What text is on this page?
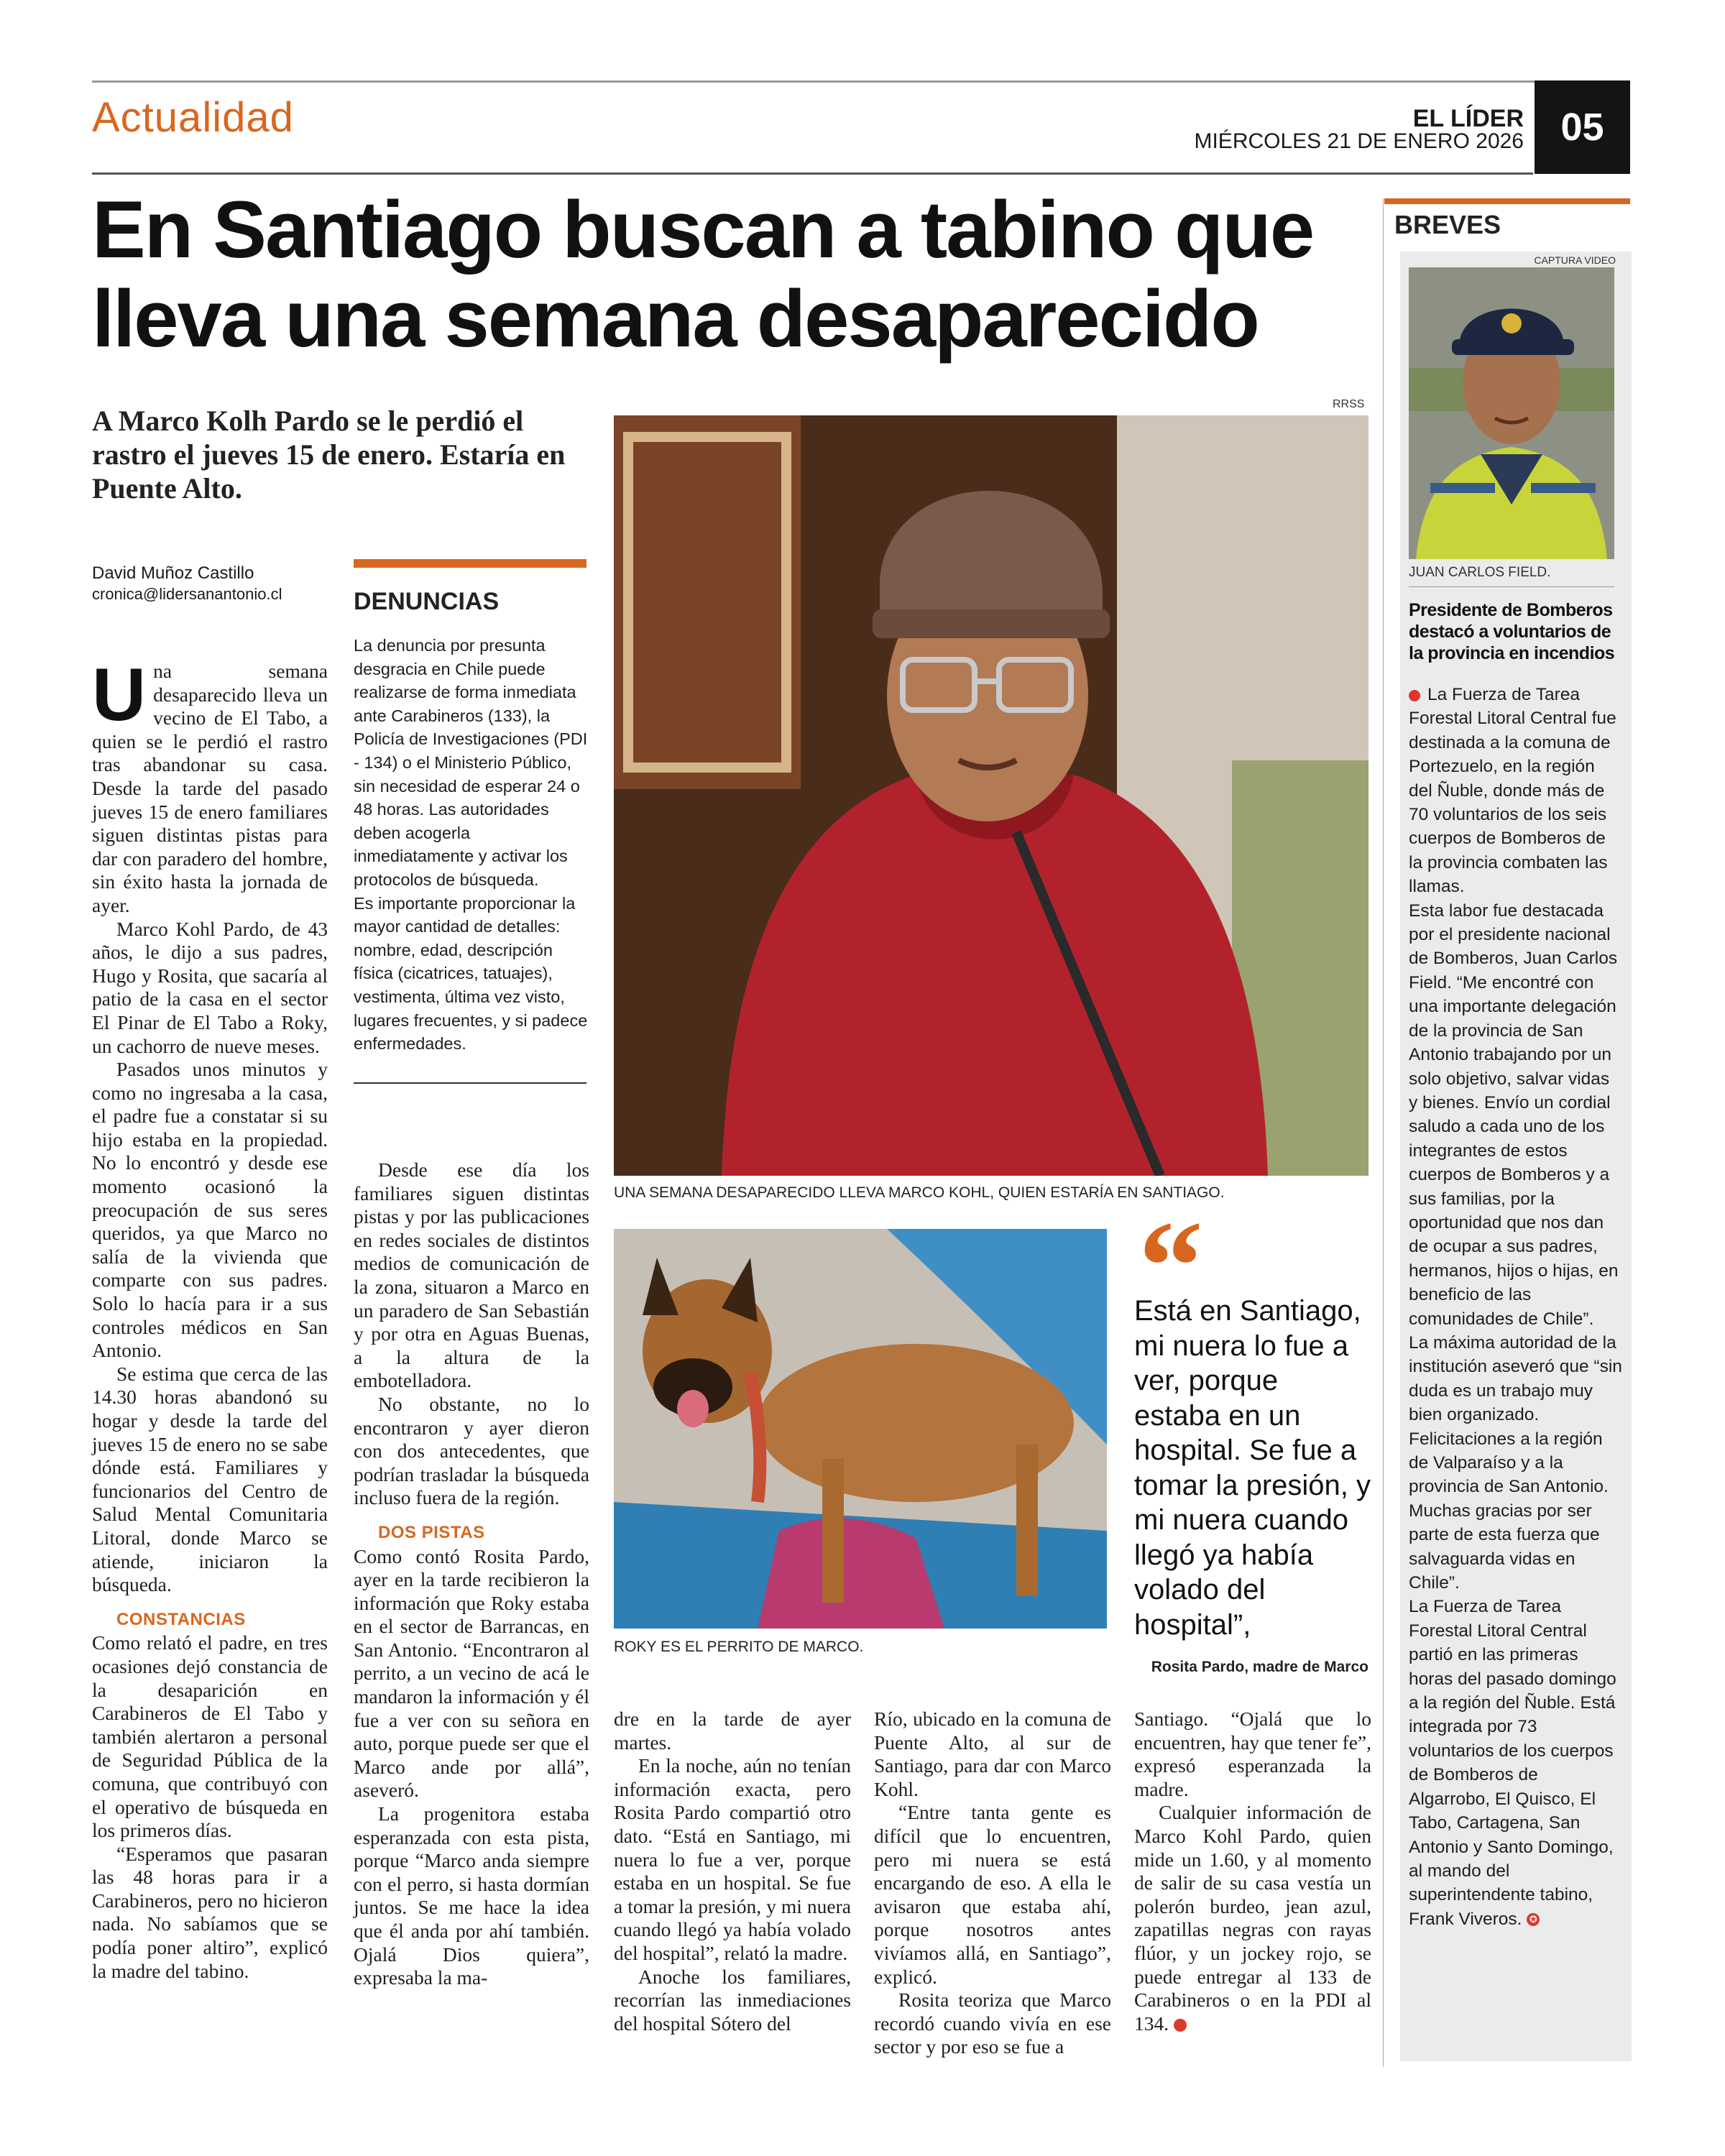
Actualidad	EL LÍDER
MIÉRCOLES 21 DE ENERO 2026 05
En Santiago buscan a tabino que
lleva una semana desaparecido
A Marco Kolh Pardo se le perdió el rastro el jueves 15 de enero. Estaría en Puente Alto.
David Muñoz Castillo
cronica@lidersanantonio.cl

Una semana desaparecido lleva un vecino de El Tabo, a quien se le perdió el rastro tras abandonar su casa. Desde la tarde del pasado jueves 15 de enero familiares siguen distintas pistas para dar con paradero del hombre, sin éxito hasta la jornada de ayer.

Marco Kohl Pardo, de 43 años, le dijo a sus padres, Hugo y Rosita, que sacaría al patio de la casa en el sector El Pinar de El Tabo a Roky, un cachorro de nueve meses.

Pasados unos minutos y como no ingresaba a la casa, el padre fue a constatar si su hijo estaba en la propiedad. No lo encontró y desde ese momento ocasionó la preocupación de sus seres queridos, ya que Marco no salía de la vivienda que comparte con sus padres. Solo lo hacía para ir a sus controles médicos en San Antonio.

Se estima que cerca de las 14.30 horas abandonó su hogar y desde la tarde del jueves 15 de enero no se sabe dónde está. Familiares y funcionarios del Centro de Salud Mental Comunitaria Litoral, donde Marco se atiende, iniciaron la búsqueda.

CONSTANCIAS

Como relató el padre, en tres ocasiones dejó constancia de la desaparición en Carabineros de El Tabo y también alertaron a personal de Seguridad Pública de la comuna, que contribuyó con el operativo de búsqueda en los primeros días.

“Esperamos que pasaran las 48 horas para ir a Carabineros, pero no hicieron nada. No sabíamos que se podía poner altiro”, explicó la madre del tabino.

DENUNCIAS

La denuncia por presunta desgracia en Chile puede realizarse de forma inmediata ante Carabineros (133), la Policía de Investigaciones (PDI - 134) o el Ministerio Público, sin necesidad de esperar 24 o 48 horas. Las autoridades deben acogerla inmediatamente y activar los protocolos de búsqueda.

Es importante proporcionar la mayor cantidad de detalles: nombre, edad, descripción física (cicatrices, tatuajes), vestimenta, última vez visto, lugares frecuentes, y si padece enfermedades.

Desde ese día los familiares siguen distintas pistas y por las publicaciones en redes sociales de distintos medios de comunicación de la zona, situaron a Marco en un paradero de San Sebastián y por otra en Aguas Buenas, a la altura de la embotelladora.

No obstante, no lo encontraron y ayer dieron con dos antecedentes, que podrían trasladar la búsqueda incluso fuera de la región.

DOS PISTAS

Como contó Rosita Pardo, ayer en la tarde recibieron la información que Roky estaba en el sector de Barrancas, en San Antonio. “Encontraron al perrito, a un vecino de acá le mandaron la información y él fue a ver con su señora en auto, porque puede ser que el Marco ande por allá”, aseveró.

La progenitora estaba esperanzada con esta pista, porque “Marco anda siempre con el perro, si hasta dormían juntos. Se me hace la idea que él anda por ahí también. Ojalá Dios quiera”, expresaba la ma-

RRSS
UNA SEMANA DESAPARECIDO LLEVA MARCO KOHL, QUIEN ESTARÍA EN SANTIAGO.
ROKY ES EL PERRITO DE MARCO.
“
Está en Santiago, mi nuera lo fue a ver, porque estaba en un hospital. Se fue a tomar la presión, y mi nuera cuando llegó ya había volado del hospital”,
Rosita Pardo, madre de Marco

dre en la tarde de ayer martes.

En la noche, aún no tenían información exacta, pero Rosita Pardo compartió otro dato. “Está en Santiago, mi nuera lo fue a ver, porque estaba en un hospital. Se fue a tomar la presión, y mi nuera cuando llegó ya había volado del hospital”, relató la madre.

Anoche los familiares, recorrían las inmediaciones del hospital Sótero del

Río, ubicado en la comuna de Puente Alto, al sur de Santiago, para dar con Marco Kohl.

“Entre tanta gente es difícil que lo encuentren, pero mi nuera se está encargando de eso. A ella le avisaron que estaba ahí, porque nosotros antes vivíamos allá, en Santiago”, explicó.

Rosita teoriza que Marco recordó cuando vivía en ese sector y por eso se fue a

Santiago. “Ojalá que lo encuentren, hay que tener fe”, expresó esperanzada la madre.

Cualquier información de Marco Kohl Pardo, quien mide un 1.60, y al momento de salir de su casa vestía un polerón burdeo, jean azul, zapatillas negras con rayas flúor, y un jockey rojo, se puede entregar al 133 de Carabineros o en la PDI al 134.	✪

BREVES
CAPTURA VIDEO
JUAN CARLOS FIELD.
Presidente de Bomberos destacó a voluntarios de la provincia en incendios

La Fuerza de Tarea Forestal Litoral Central fue destinada a la comuna de Portezuelo, en la región del Ñuble, donde más de 70 voluntarios de los seis cuerpos de Bomberos de la provincia combaten las llamas.

Esta labor fue destacada por el presidente nacional de Bomberos, Juan Carlos Field. “Me encontré con una importante delegación de la provincia de San Antonio trabajando por un solo objetivo, salvar vidas y bienes. Envío un cordial saludo a cada uno de los integrantes de estos cuerpos de Bomberos y a sus familias, por la oportunidad que nos dan de ocupar a sus padres, hermanos, hijos o hijas, en beneficio de las comunidades de Chile”.

La máxima autoridad de la institución aseveró que “sin duda es un trabajo muy bien organizado. Felicitaciones a la región de Valparaíso y a la provincia de San Antonio. Muchas gracias por ser parte de esta fuerza que salvaguarda vidas en Chile”.

La Fuerza de Tarea Forestal Litoral Central partió en las primeras horas del pasado domingo a la región del Ñuble. Está integrada por 73 voluntarios de los cuerpos de Bomberos de Algarrobo, El Quisco, El Tabo, Cartagena, San Antonio y Santo Domingo, al mando del superintendente tabino, Frank Viveros. ✪
